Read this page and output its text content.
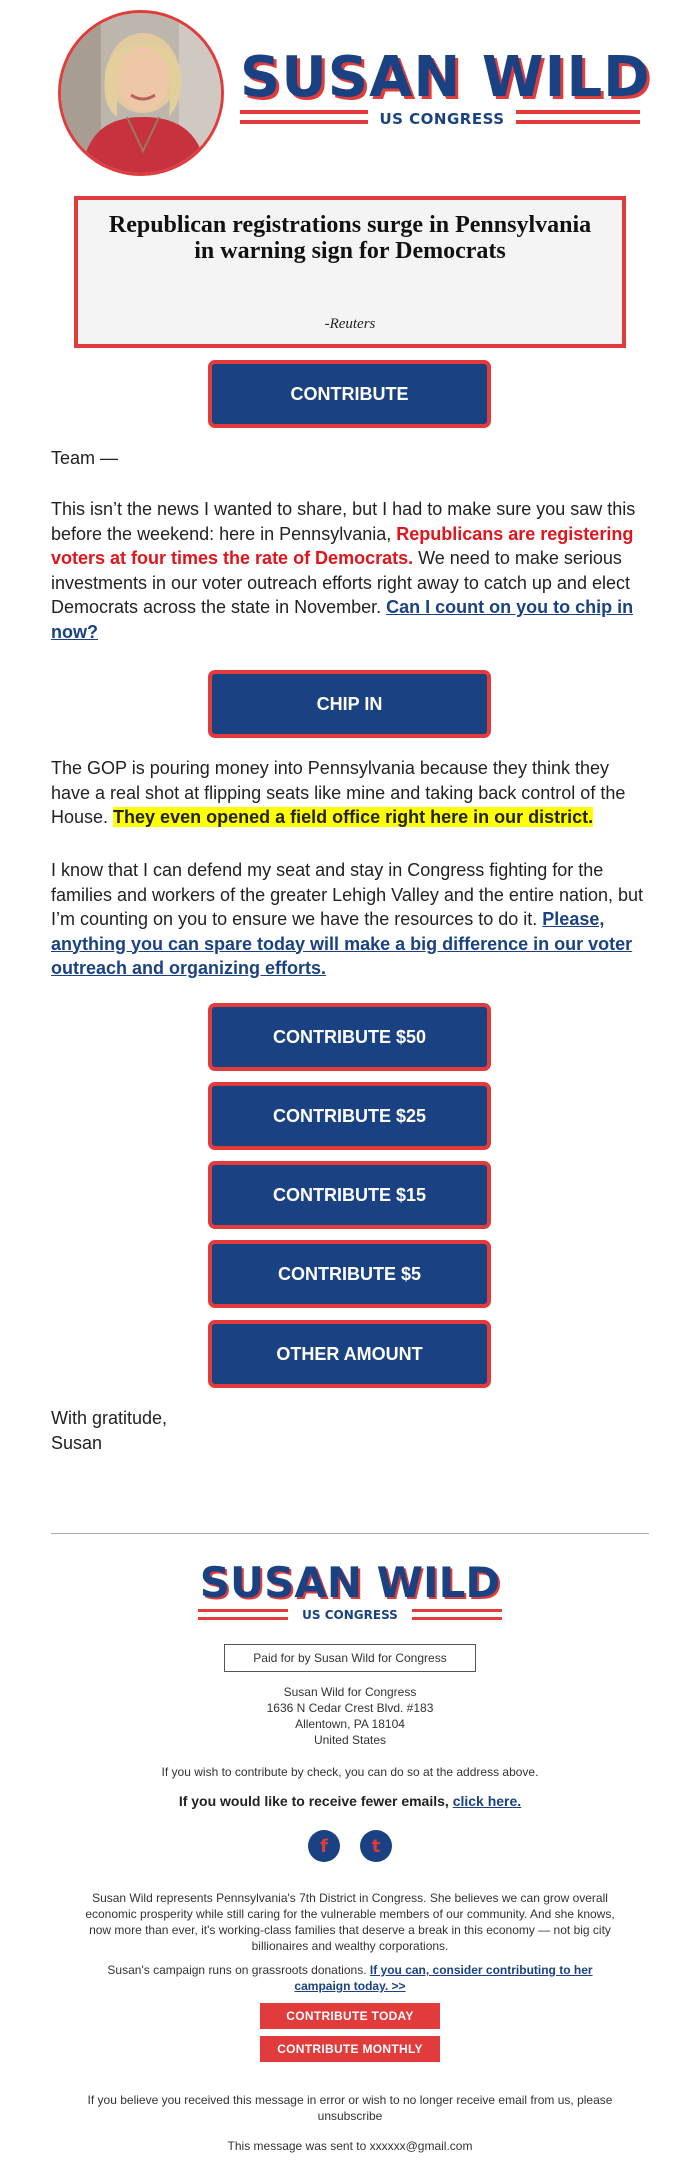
SUSAN WILD
US CONGRESS
Republican registrations surge in Pennsylvania in warning sign for Democrats
-Reuters
CONTRIBUTE
Team —
This isn’t the news I wanted to share, but I had to make sure you saw this before the weekend: here in Pennsylvania, Republicans are registering voters at four times the rate of Democrats. We need to make serious investments in our voter outreach efforts right away to catch up and elect Democrats across the state in November. Can I count on you to chip in now?
CHIP IN
The GOP is pouring money into Pennsylvania because they think they have a real shot at flipping seats like mine and taking back control of the House. They even opened a field office right here in our district.
I know that I can defend my seat and stay in Congress fighting for the families and workers of the greater Lehigh Valley and the entire nation, but I’m counting on you to ensure we have the resources to do it. Please, anything you can spare today will make a big difference in our voter outreach and organizing efforts.
CONTRIBUTE $50
CONTRIBUTE $25
CONTRIBUTE $15
CONTRIBUTE $5
OTHER AMOUNT
With gratitude,
Susan
SUSAN WILD
US CONGRESS
Paid for by Susan Wild for Congress
Susan Wild for Congress
1636 N Cedar Crest Blvd. #183
Allentown, PA 18104
United States
If you wish to contribute by check, you can do so at the address above.
If you would like to receive fewer emails, click here.
f	t
Susan Wild represents Pennsylvania's 7th District in Congress. She believes we can grow overall economic prosperity while still caring for the vulnerable members of our community. And she knows, now more than ever, it's working-class families that deserve a break in this economy — not big city billionaires and wealthy corporations.
Susan's campaign runs on grassroots donations. If you can, consider contributing to her campaign today. >>
CONTRIBUTE TODAY
CONTRIBUTE MONTHLY
If you believe you received this message in error or wish to no longer receive email from us, please unsubscribe
This message was sent to xxxxxx@gmail.com
